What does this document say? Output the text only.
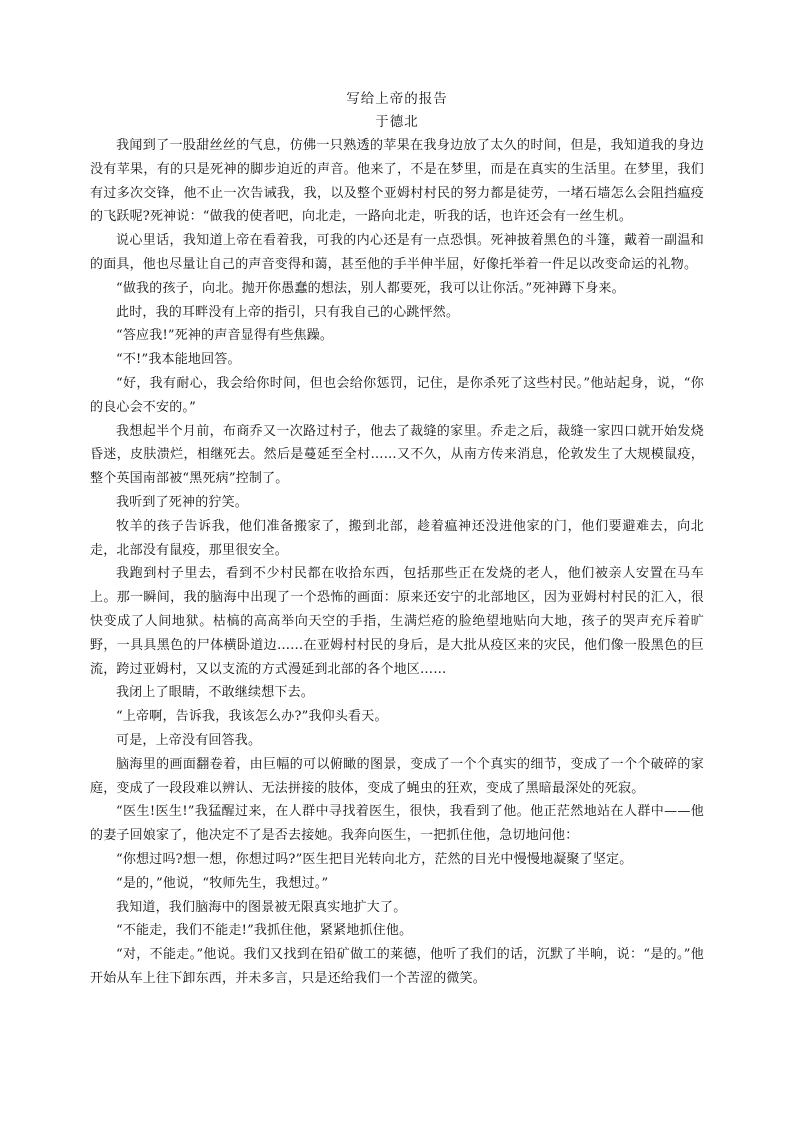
写给上帝的报告
于德北

我闻到了一股甜丝丝的气息，仿佛一只熟透的苹果在我身边放了太久的时间，但是，我知道我的身边没有苹果，有的只是死神的脚步迫近的声音。他来了，不是在梦里，而是在真实的生活里。在梦里，我们有过多次交锋，他不止一次告诫我，我，以及整个亚姆村村民的努力都是徒劳，一堵石墙怎么会阻挡瘟疫的飞跃呢?死神说：“做我的使者吧，向北走，一路向北走，听我的话，也许还会有一丝生机。

说心里话，我知道上帝在看着我，可我的内心还是有一点恐惧。死神披着黑色的斗篷，戴着一副温和的面具，他也尽量让自己的声音变得和蔼，甚至他的手半伸半屈，好像托举着一件足以改变命运的礼物。

“做我的孩子，向北。抛开你愚蠢的想法，别人都要死，我可以让你活。”死神蹲下身来。

此时，我的耳畔没有上帝的指引，只有我自己的心跳怦然。

“答应我!”死神的声音显得有些焦躁。

“不!”我本能地回答。

“好，我有耐心，我会给你时间，但也会给你惩罚，记住，是你杀死了这些村民。”他站起身，说，“你的良心会不安的。”

我想起半个月前，布商乔又一次路过村子，他去了裁缝的家里。乔走之后，裁缝一家四口就开始发烧昏迷，皮肤溃烂，相继死去。然后是蔓延至全村……又不久，从南方传来消息，伦敦发生了大规模鼠疫，整个英国南部被“黑死病”控制了。

我听到了死神的狞笑。

牧羊的孩子告诉我，他们准备搬家了，搬到北部，趁着瘟神还没进他家的门，他们要避难去，向北走，北部没有鼠疫，那里很安全。

我跑到村子里去，看到不少村民都在收拾东西，包括那些正在发烧的老人，他们被亲人安置在马车上。那一瞬间，我的脑海中出现了一个恐怖的画面：原来还安宁的北部地区，因为亚姆村村民的汇入，很快变成了人间地狱。枯槁的高高举向天空的手指，生满烂疮的脸绝望地贴向大地，孩子的哭声充斥着旷野，一具具黑色的尸体横卧道边……在亚姆村村民的身后，是大批从疫区来的灾民，他们像一股黑色的巨流，跨过亚姆村，又以支流的方式漫延到北部的各个地区……

我闭上了眼睛，不敢继续想下去。

“上帝啊，告诉我，我该怎么办?”我仰头看天。

可是，上帝没有回答我。

脑海里的画面翻卷着，由巨幅的可以俯瞰的图景，变成了一个个真实的细节，变成了一个个破碎的家庭，变成了一段段难以辨认、无法拼接的肢体，变成了蝇虫的狂欢，变成了黑暗最深处的死寂。

“医生!医生!”我猛醒过来，在人群中寻找着医生，很快，我看到了他。他正茫然地站在人群中——他的妻子回娘家了，他决定不了是否去接她。我奔向医生，一把抓住他，急切地问他：

“你想过吗?想一想，你想过吗?”医生把目光转向北方，茫然的目光中慢慢地凝聚了坚定。

“是的，”他说，“牧师先生，我想过。”

我知道，我们脑海中的图景被无限真实地扩大了。

“不能走，我们不能走!”我抓住他，紧紧地抓住他。

“对，不能走。”他说。我们又找到在铅矿做工的莱德，他听了我们的话，沉默了半晌，说：“是的。”他开始从车上往下卸东西，并未多言，只是还给我们一个苦涩的微笑。
